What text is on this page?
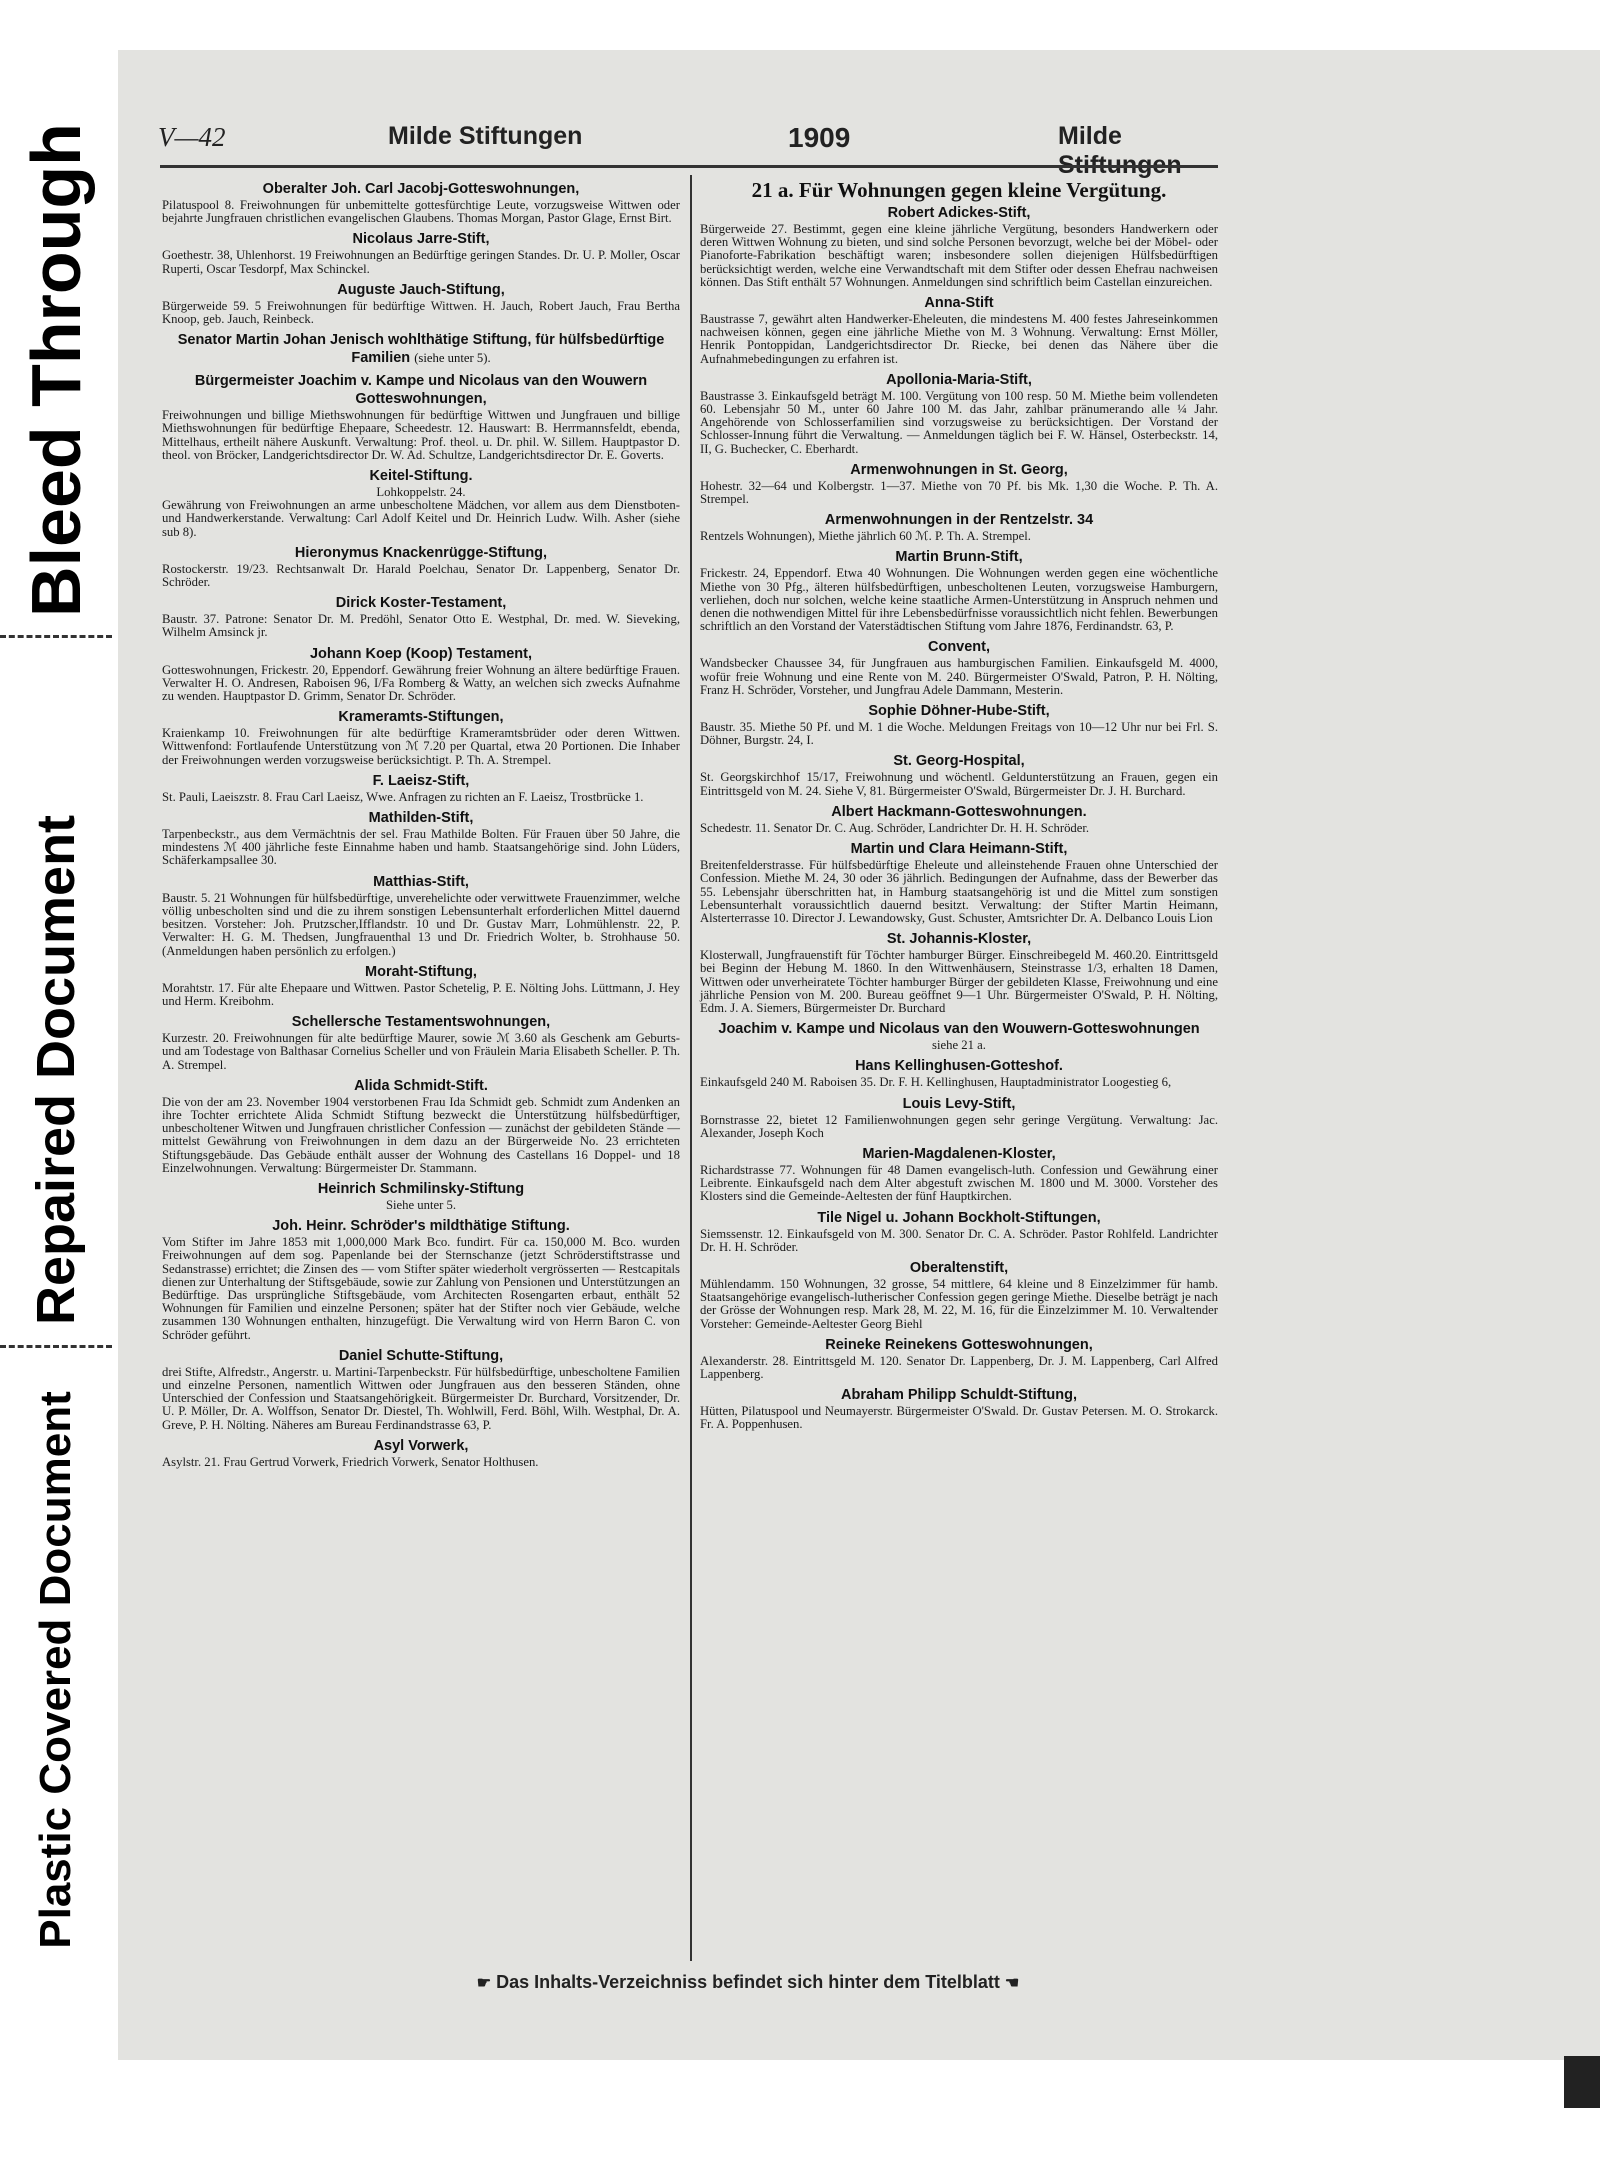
Bleed Through
Repaired Document
Plastic Covered Document
V—42	Milde Stiftungen	1909	Milde Stiftungen
Oberalter Joh. Carl Jacobj-Gotteswohnungen,

Pilatuspool 8. Freiwohnungen für unbemittelte gottesfürchtige Leute, vorzugsweise Wittwen oder bejahrte Jungfrauen christlichen evangelischen Glaubens. Thomas Morgan, Pastor Glage, Ernst Birt.

Nicolaus Jarre-Stift,

Goethestr. 38, Uhlenhorst. 19 Freiwohnungen an Bedürftige geringen Standes. Dr. U. P. Moller, Oscar Ruperti, Oscar Tesdorpf, Max Schinckel.

Auguste Jauch-Stiftung,

Bürgerweide 59. 5 Freiwohnungen für bedürftige Wittwen. H. Jauch, Robert Jauch, Frau Bertha Knoop, geb. Jauch, Reinbeck.

Senator Martin Johan Jenisch wohlthätige Stiftung, für hülfsbedürftige Familien (siehe unter 5).
Bürgermeister Joachim v. Kampe und Nicolaus van den Wouwern Gotteswohnungen,

Freiwohnungen und billige Miethswohnungen für bedürftige Wittwen und Jungfrauen und billige Miethswohnungen für bedürftige Ehepaare, Scheedestr. 12. Hauswart: B. Herrmannsfeldt, ebenda, Mittelhaus, ertheilt nähere Auskunft. Verwaltung: Prof. theol. u. Dr. phil. W. Sillem. Hauptpastor D. theol. von Bröcker, Landgerichtsdirector Dr. W. Ad. Schultze, Landgerichtsdirector Dr. E. Goverts.

Keitel-Stiftung.

Lohkoppelstr. 24.

Gewährung von Freiwohnungen an arme unbescholtene Mädchen, vor allem aus dem Dienstboten- und Handwerkerstande. Verwaltung: Carl Adolf Keitel und Dr. Heinrich Ludw. Wilh. Asher (siehe sub 8).

Hieronymus Knackenrügge-Stiftung,

Rostockerstr. 19/23. Rechtsanwalt Dr. Harald Poelchau, Senator Dr. Lappenberg, Senator Dr. Schröder.

Dirick Koster-Testament,

Baustr. 37. Patrone: Senator Dr. M. Predöhl, Senator Otto E. Westphal, Dr. med. W. Sieveking, Wilhelm Amsinck jr.

Johann Koep (Koop) Testament,

Gotteswohnungen, Frickestr. 20, Eppendorf. Gewährung freier Wohnung an ältere bedürftige Frauen. Verwalter H. O. Andresen, Raboisen 96, I/Fa Romberg & Watty, an welchen sich zwecks Aufnahme zu wenden. Hauptpastor D. Grimm, Senator Dr. Schröder.

Krameramts-Stiftungen,

Kraienkamp 10. Freiwohnungen für alte bedürftige Krameramtsbrüder oder deren Wittwen. Wittwenfond: Fortlaufende Unterstützung von ℳ 7.20 per Quartal, etwa 20 Portionen. Die Inhaber der Freiwohnungen werden vorzugsweise berücksichtigt. P. Th. A. Strempel.

F. Laeisz-Stift,

St. Pauli, Laeiszstr. 8. Frau Carl Laeisz, Wwe. Anfragen zu richten an F. Laeisz, Trostbrücke 1.

Mathilden-Stift,

Tarpenbeckstr., aus dem Vermächtnis der sel. Frau Mathilde Bolten. Für Frauen über 50 Jahre, die mindestens ℳ 400 jährliche feste Einnahme haben und hamb. Staatsangehörige sind. John Lüders, Schäferkampsallee 30.

Matthias-Stift,

Baustr. 5. 21 Wohnungen für hülfsbedürftige, unverehelichte oder verwittwete Frauenzimmer, welche völlig unbescholten sind und die zu ihrem sonstigen Lebensunterhalt erforderlichen Mittel dauernd besitzen. Vorsteher: Joh. Prutzscher,Ifflandstr. 10 und Dr. Gustav Marr, Lohmühlenstr. 22, P. Verwalter: H. G. M. Thedsen, Jungfrauenthal 13 und Dr. Friedrich Wolter, b. Strohhause 50. (Anmeldungen haben persönlich zu erfolgen.)

Moraht-Stiftung,

Morahtstr. 17. Für alte Ehepaare und Wittwen. Pastor Schetelig, P. E. Nölting Johs. Lüttmann, J. Hey und Herm. Kreibohm.

Schellersche Testamentswohnungen,

Kurzestr. 20. Freiwohnungen für alte bedürftige Maurer, sowie ℳ 3.60 als Geschenk am Geburts- und am Todestage von Balthasar Cornelius Scheller und von Fräulein Maria Elisabeth Scheller. P. Th. A. Strempel.

Alida Schmidt-Stift.

Die von der am 23. November 1904 verstorbenen Frau Ida Schmidt geb. Schmidt zum Andenken an ihre Tochter errichtete Alida Schmidt Stiftung bezweckt die Unterstützung hülfsbedürftiger, unbescholtener Witwen und Jungfrauen christlicher Confession — zunächst der gebildeten Stände — mittelst Gewährung von Freiwohnungen in dem dazu an der Bürgerweide No. 23 errichteten Stiftungsgebäude. Das Gebäude enthält ausser der Wohnung des Castellans 16 Doppel- und 18 Einzelwohnungen. Verwaltung: Bürgermeister Dr. Stammann.

Heinrich Schmilinsky-Stiftung

Siehe unter 5.

Joh. Heinr. Schröder's mildthätige Stiftung.

Vom Stifter im Jahre 1853 mit 1,000,000 Mark Bco. fundirt. Für ca. 150,000 M. Bco. wurden Freiwohnungen auf dem sog. Papenlande bei der Sternschanze (jetzt Schröderstiftstrasse und Sedanstrasse) errichtet; die Zinsen des — vom Stifter später wiederholt vergrösserten — Restcapitals dienen zur Unterhaltung der Stiftsgebäude, sowie zur Zahlung von Pensionen und Unterstützungen an Bedürftige. Das ursprüngliche Stiftsgebäude, vom Architecten Rosengarten erbaut, enthält 52 Wohnungen für Familien und einzelne Personen; später hat der Stifter noch vier Gebäude, welche zusammen 130 Wohnungen enthalten, hinzugefügt. Die Verwaltung wird von Herrn Baron C. von Schröder geführt.

Daniel Schutte-Stiftung,

drei Stifte, Alfredstr., Angerstr. u. Martini-Tarpenbeckstr. Für hülfsbedürftige, unbescholtene Familien und einzelne Personen, namentlich Wittwen oder Jungfrauen aus den besseren Ständen, ohne Unterschied der Confession und Staatsangehörigkeit. Bürgermeister Dr. Burchard, Vorsitzender, Dr. U. P. Möller, Dr. A. Wolffson, Senator Dr. Diestel, Th. Wohlwill, Ferd. Böhl, Wilh. Westphal, Dr. A. Greve, P. H. Nölting. Näheres am Bureau Ferdinandstrasse 63, P.

Asyl Vorwerk,

Asylstr. 21. Frau Gertrud Vorwerk, Friedrich Vorwerk, Senator Holthusen.

21 a. Für Wohnungen gegen kleine Vergütung.
Robert Adickes-Stift,

Bürgerweide 27. Bestimmt, gegen eine kleine jährliche Vergütung, besonders Handwerkern oder deren Wittwen Wohnung zu bieten, und sind solche Personen bevorzugt, welche bei der Möbel- oder Pianoforte-Fabrikation beschäftigt waren; insbesondere sollen diejenigen Hülfsbedürftigen berücksichtigt werden, welche eine Verwandtschaft mit dem Stifter oder dessen Ehefrau nachweisen können. Das Stift enthält 57 Wohnungen. Anmeldungen sind schriftlich beim Castellan einzureichen.

Anna-Stift

Baustrasse 7, gewährt alten Handwerker-Eheleuten, die mindestens M. 400 festes Jahreseinkommen nachweisen können, gegen eine jährliche Miethe von M. 3 Wohnung. Verwaltung: Ernst Möller, Henrik Pontoppidan, Landgerichtsdirector Dr. Riecke, bei denen das Nähere über die Aufnahmebedingungen zu erfahren ist.

Apollonia-Maria-Stift,

Baustrasse 3. Einkaufsgeld beträgt M. 100. Vergütung von 100 resp. 50 M. Miethe beim vollendeten 60. Lebensjahr 50 M., unter 60 Jahre 100 M. das Jahr, zahlbar pränumerando alle ¼ Jahr. Angehörende von Schlosserfamilien sind vorzugsweise zu berücksichtigen. Der Vorstand der Schlosser-Innung führt die Verwaltung. — Anmeldungen täglich bei F. W. Hänsel, Osterbeckstr. 14, II, G. Buchecker, C. Eberhardt.

Armenwohnungen in St. Georg,

Hohestr. 32—64 und Kolbergstr. 1—37. Miethe von 70 Pf. bis Mk. 1,30 die Woche. P. Th. A. Strempel.

Armenwohnungen in der Rentzelstr. 34

Rentzels Wohnungen), Miethe jährlich 60 ℳ. P. Th. A. Strempel.

Martin Brunn-Stift,

Frickestr. 24, Eppendorf. Etwa 40 Wohnungen. Die Wohnungen werden gegen eine wöchentliche Miethe von 30 Pfg., älteren hülfsbedürftigen, unbescholtenen Leuten, vorzugsweise Hamburgern, verliehen, doch nur solchen, welche keine staatliche Armen-Unterstützung in Anspruch nehmen und denen die nothwendigen Mittel für ihre Lebensbedürfnisse voraussichtlich nicht fehlen. Bewerbungen schriftlich an den Vorstand der Vaterstädtischen Stiftung vom Jahre 1876, Ferdinandstr. 63, P.

Convent,

Wandsbecker Chaussee 34, für Jungfrauen aus hamburgischen Familien. Einkaufsgeld M. 4000, wofür freie Wohnung und eine Rente von M. 240. Bürgermeister O'Swald, Patron, P. H. Nölting, Franz H. Schröder, Vorsteher, und Jungfrau Adele Dammann, Mesterin.

Sophie Döhner-Hube-Stift,

Baustr. 35. Miethe 50 Pf. und M. 1 die Woche. Meldungen Freitags von 10—12 Uhr nur bei Frl. S. Döhner, Burgstr. 24, I.

St. Georg-Hospital,

St. Georgskirchhof 15/17, Freiwohnung und wöchentl. Geldunterstützung an Frauen, gegen ein Eintrittsgeld von M. 24. Siehe V, 81. Bürgermeister O'Swald, Bürgermeister Dr. J. H. Burchard.

Albert Hackmann-Gotteswohnungen.

Schedestr. 11. Senator Dr. C. Aug. Schröder, Landrichter Dr. H. H. Schröder.

Martin und Clara Heimann-Stift,

Breitenfelderstrasse. Für hülfsbedürftige Eheleute und alleinstehende Frauen ohne Unterschied der Confession. Miethe M. 24, 30 oder 36 jährlich. Bedingungen der Aufnahme, dass der Bewerber das 55. Lebensjahr überschritten hat, in Hamburg staatsangehörig ist und die Mittel zum sonstigen Lebensunterhalt voraussichtlich dauernd besitzt. Verwaltung: der Stifter Martin Heimann, Alsterterrasse 10. Director J. Lewandowsky, Gust. Schuster, Amtsrichter Dr. A. Delbanco Louis Lion

St. Johannis-Kloster,

Klosterwall, Jungfrauenstift für Töchter hamburger Bürger. Einschreibegeld M. 460.20. Eintrittsgeld bei Beginn der Hebung M. 1860. In den Wittwenhäusern, Steinstrasse 1/3, erhalten 18 Damen, Wittwen oder unverheiratete Töchter hamburger Bürger der gebildeten Klasse, Freiwohnung und eine jährliche Pension von M. 200. Bureau geöffnet 9—1 Uhr. Bürgermeister O'Swald, P. H. Nölting, Edm. J. A. Siemers, Bürgermeister Dr. Burchard

Joachim v. Kampe und Nicolaus van den Wouwern-Gotteswohnungen

siehe 21 a.

Hans Kellinghusen-Gotteshof.

Einkaufsgeld 240 M. Raboisen 35. Dr. F. H. Kellinghusen, Hauptadministrator Loogestieg 6,

Louis Levy-Stift,

Bornstrasse 22, bietet 12 Familienwohnungen gegen sehr geringe Vergütung. Verwaltung: Jac. Alexander, Joseph Koch

Marien-Magdalenen-Kloster,

Richardstrasse 77. Wohnungen für 48 Damen evangelisch-luth. Confession und Gewährung einer Leibrente. Einkaufsgeld nach dem Alter abgestuft zwischen M. 1800 und M. 3000. Vorsteher des Klosters sind die Gemeinde-Aeltesten der fünf Hauptkirchen.

Tile Nigel u. Johann Bockholt-Stiftungen,

Siemssenstr. 12. Einkaufsgeld von M. 300. Senator Dr. C. A. Schröder. Pastor Rohlfeld. Landrichter Dr. H. H. Schröder.

Oberaltenstift,

Mühlendamm. 150 Wohnungen, 32 grosse, 54 mittlere, 64 kleine und 8 Einzelzimmer für hamb. Staatsangehörige evangelisch-lutherischer Confession gegen geringe Miethe. Dieselbe beträgt je nach der Grösse der Wohnungen resp. Mark 28, M. 22, M. 16, für die Einzelzimmer M. 10. Verwaltender Vorsteher: Gemeinde-Aeltester Georg Biehl

Reineke Reinekens Gotteswohnungen,

Alexanderstr. 28. Eintrittsgeld M. 120. Senator Dr. Lappenberg, Dr. J. M. Lappenberg, Carl Alfred Lappenberg.

Abraham Philipp Schuldt-Stiftung,

Hütten, Pilatuspool und Neumayerstr. Bürgermeister O'Swald. Dr. Gustav Petersen. M. O. Strokarck. Fr. A. Poppenhusen.

☛ Das Inhalts-Verzeichniss befindet sich hinter dem Titelblatt ☚
